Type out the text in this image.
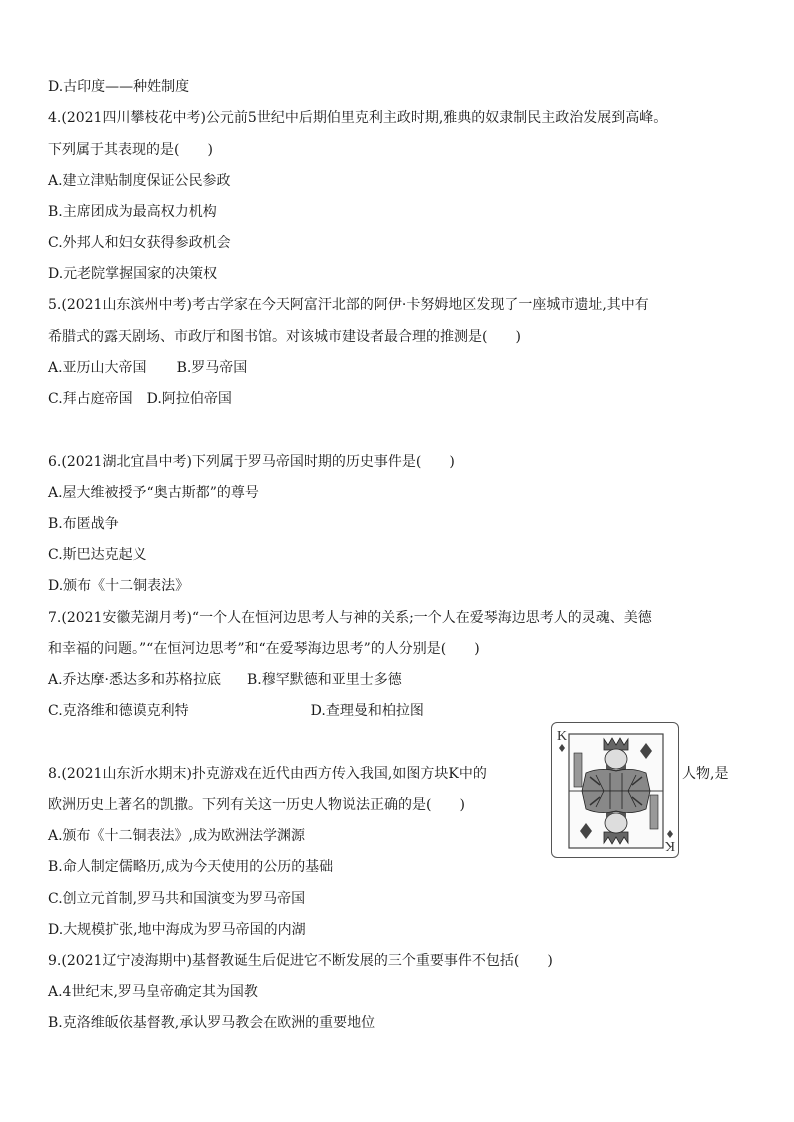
D.古印度——种姓制度
4.(2021四川攀枝花中考)公元前5世纪中后期伯里克利主政时期,雅典的奴隶制民主政治发展到高峰。
下列属于其表现的是(　　)
A.建立津贴制度保证公民参政
B.主席团成为最高权力机构
C.外邦人和妇女获得参政机会
D.元老院掌握国家的决策权
5.(2021山东滨州中考)考古学家在今天阿富汗北部的阿伊·卡努姆地区发现了一座城市遗址,其中有
希腊式的露天剧场、市政厅和图书馆。对该城市建设者最合理的推测是(　　)
A.亚历山大帝国 B.罗马帝国
C.拜占庭帝国 D.阿拉伯帝国
6.(2021湖北宜昌中考)下列属于罗马帝国时期的历史事件是(　　)
A.屋大维被授予“奥古斯都”的尊号
B.布匿战争
C.斯巴达克起义
D.颁布《十二铜表法》
7.(2021安徽芜湖月考)“一个人在恒河边思考人与神的关系;一个人在爱琴海边思考人的灵魂、美德
和幸福的问题。”“在恒河边思考”和“在爱琴海边思考”的人分别是(　　)
A.乔达摩·悉达多和苏格拉底 B.穆罕默德和亚里士多德
C.克洛维和德谟克利特	D.查理曼和柏拉图
8.(2021山东沂水期末)扑克游戏在近代由西方传入我国,如图方块K中的	人物,是
欧洲历史上著名的凯撒。下列有关这一历史人物说法正确的是(　　)
K
K
A.颁布《十二铜表法》,成为欧洲法学渊源
B.命人制定儒略历,成为今天使用的公历的基础
C.创立元首制,罗马共和国演变为罗马帝国
D.大规模扩张,地中海成为罗马帝国的内湖
9.(2021辽宁凌海期中)基督教诞生后促进它不断发展的三个重要事件不包括(　　)
A.4世纪末,罗马皇帝确定其为国教
B.克洛维皈依基督教,承认罗马教会在欧洲的重要地位
